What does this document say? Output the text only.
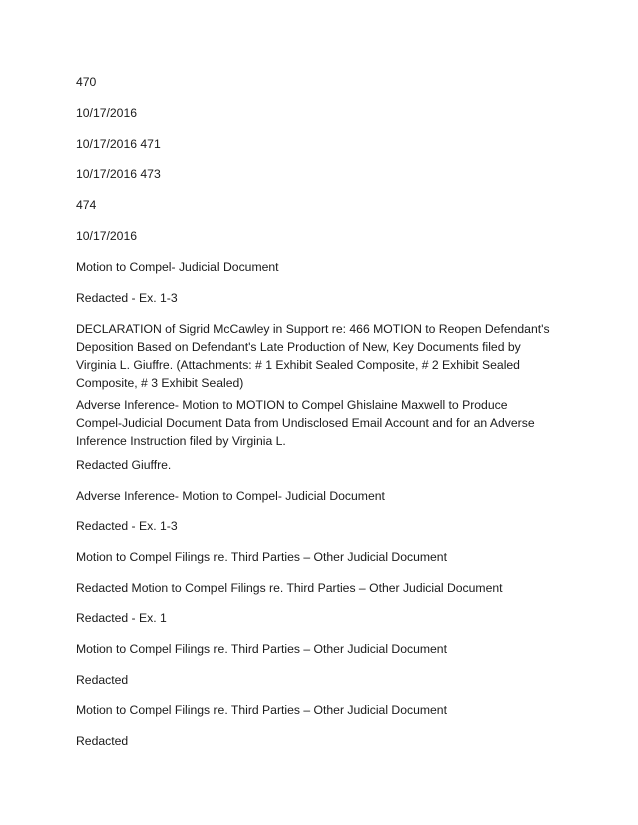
470

10/17/2016

10/17/2016 471

10/17/2016 473

474

10/17/2016

Motion to Compel- Judicial Document

Redacted - Ex. 1-3

DECLARATION of Sigrid McCawley in Support re: 466 MOTION to Reopen Defendant's Deposition Based on Defendant's Late Production of New, Key Documents filed by Virginia L. Giuffre. (Attachments: # 1 Exhibit Sealed Composite, # 2 Exhibit Sealed Composite, # 3 Exhibit Sealed)

Adverse Inference- Motion to MOTION to Compel Ghislaine Maxwell to Produce Compel-Judicial Document Data from Undisclosed Email Account and for an Adverse Inference Instruction filed by Virginia L.

Redacted Giuffre.

Adverse Inference- Motion to Compel- Judicial Document

Redacted - Ex. 1-3

Motion to Compel Filings re. Third Parties – Other Judicial Document

Redacted Motion to Compel Filings re. Third Parties – Other Judicial Document

Redacted - Ex. 1

Motion to Compel Filings re. Third Parties – Other Judicial Document

Redacted

Motion to Compel Filings re. Third Parties – Other Judicial Document

Redacted
